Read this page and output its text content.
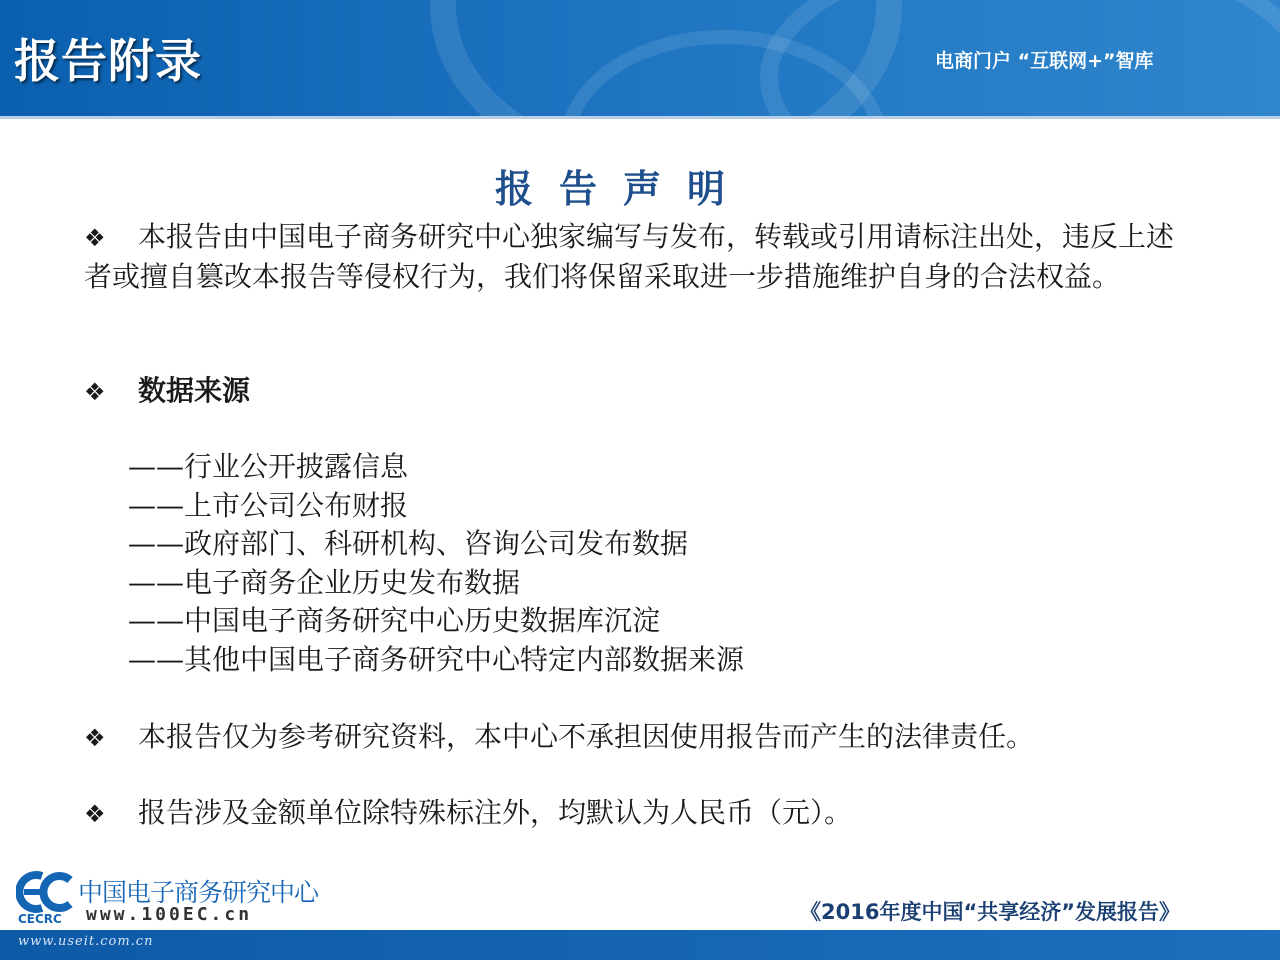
报告附录	电商门户 “互联网+”智库
报告声明
❖ 本报告由中国电子商务研究中心独家编写与发布，转载或引用请标注出处，违反上述者或擅自篡改本报告等侵权行为，我们将保留采取进一步措施维护自身的合法权益。
❖ 数据来源
——行业公开披露信息
——上市公司公布财报
——政府部门、科研机构、咨询公司发布数据
——电子商务企业历史发布数据
——中国电子商务研究中心历史数据库沉淀
——其他中国电子商务研究中心特定内部数据来源
❖ 本报告仅为参考研究资料，本中心不承担因使用报告而产生的法律责任。
❖ 报告涉及金额单位除特殊标注外，均默认为人民币（元）。
CECRC
中国电子商务研究中心
www.100EC.cn	《2016年度中国“共享经济”发展报告》
www.useit.com.cn
